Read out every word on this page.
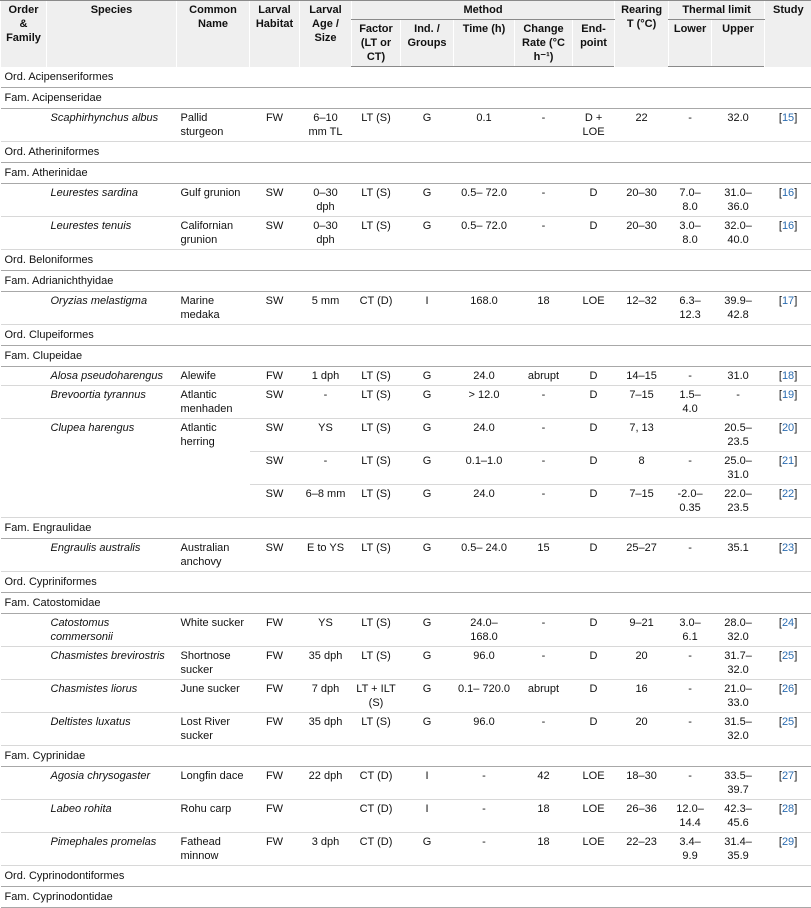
Order & Family	Species	Common Name	Larval Habitat	Larval Age / Size	Method					Rearing T (°C)	Thermal limit		Study
					Factor (LT or CT)	Ind. / Groups	Time (h)	Change Rate (°C h⁻¹)	End-point		Lower	Upper	
Ord. Acipenseriformes													
Fam. Acipenseridae													
	Scaphirhynchus albus	Pallid sturgeon	FW	6–10 mm TL	LT (S)	G	0.1	-	D + LOE	22	-	32.0	[15]
Ord. Atheriniformes													
Fam. Atherinidae													
	Leurestes sardina	Gulf grunion	SW	0–30 dph	LT (S)	G	0.5– 72.0	-	D	20–30	7.0– 8.0	31.0– 36.0	[16]
	Leurestes tenuis	Californian grunion	SW	0–30 dph	LT (S)	G	0.5– 72.0	-	D	20–30	3.0– 8.0	32.0– 40.0	[16]
Ord. Beloniformes													
Fam. Adrianichthyidae													
	Oryzias melastigma	Marine medaka	SW	5 mm	CT (D)	I	168.0	18	LOE	12–32	6.3– 12.3	39.9– 42.8	[17]
Ord. Clupeiformes													
Fam. Clupeidae													
	Alosa pseudoharengus	Alewife	FW	1 dph	LT (S)	G	24.0	abrupt	D	14–15	-	31.0	[18]
	Brevoortia tyrannus	Atlantic menhaden	SW	-	LT (S)	G	> 12.0	-	D	7–15	1.5– 4.0	-	[19]
	Clupea harengus	Atlantic herring	SW	YS	LT (S)	G	24.0	-	D	7, 13		20.5– 23.5	[20]
			SW	-	LT (S)	G	0.1–1.0	-	D	8	-	25.0– 31.0	[21]
			SW	6–8 mm	LT (S)	G	24.0	-	D	7–15	-2.0– 0.35	22.0– 23.5	[22]
Fam. Engraulidae													
	Engraulis australis	Australian anchovy	SW	E to YS	LT (S)	G	0.5– 24.0	15	D	25–27	-	35.1	[23]
Ord. Cypriniformes													
Fam. Catostomidae													
	Catostomus commersonii	White sucker	FW	YS	LT (S)	G	24.0– 168.0	-	D	9–21	3.0– 6.1	28.0– 32.0	[24]
	Chasmistes brevirostris	Shortnose sucker	FW	35 dph	LT (S)	G	96.0	-	D	20	-	31.7– 32.0	[25]
	Chasmistes liorus	June sucker	FW	7 dph	LT + ILT (S)	G	0.1– 720.0	abrupt	D	16	-	21.0– 33.0	[26]
	Deltistes luxatus	Lost River sucker	FW	35 dph	LT (S)	G	96.0	-	D	20	-	31.5– 32.0	[25]
Fam. Cyprinidae													
	Agosia chrysogaster	Longfin dace	FW	22 dph	CT (D)	I	-	42	LOE	18–30	-	33.5– 39.7	[27]
	Labeo rohita	Rohu carp	FW		CT (D)	I	-	18	LOE	26–36	12.0– 14.4	42.3– 45.6	[28]
	Pimephales promelas	Fathead minnow	FW	3 dph	CT (D)	G	-	18	LOE	22–23	3.4– 9.9	31.4– 35.9	[29]
Ord. Cyprinodontiformes													
Fam. Cyprinodontidae													
